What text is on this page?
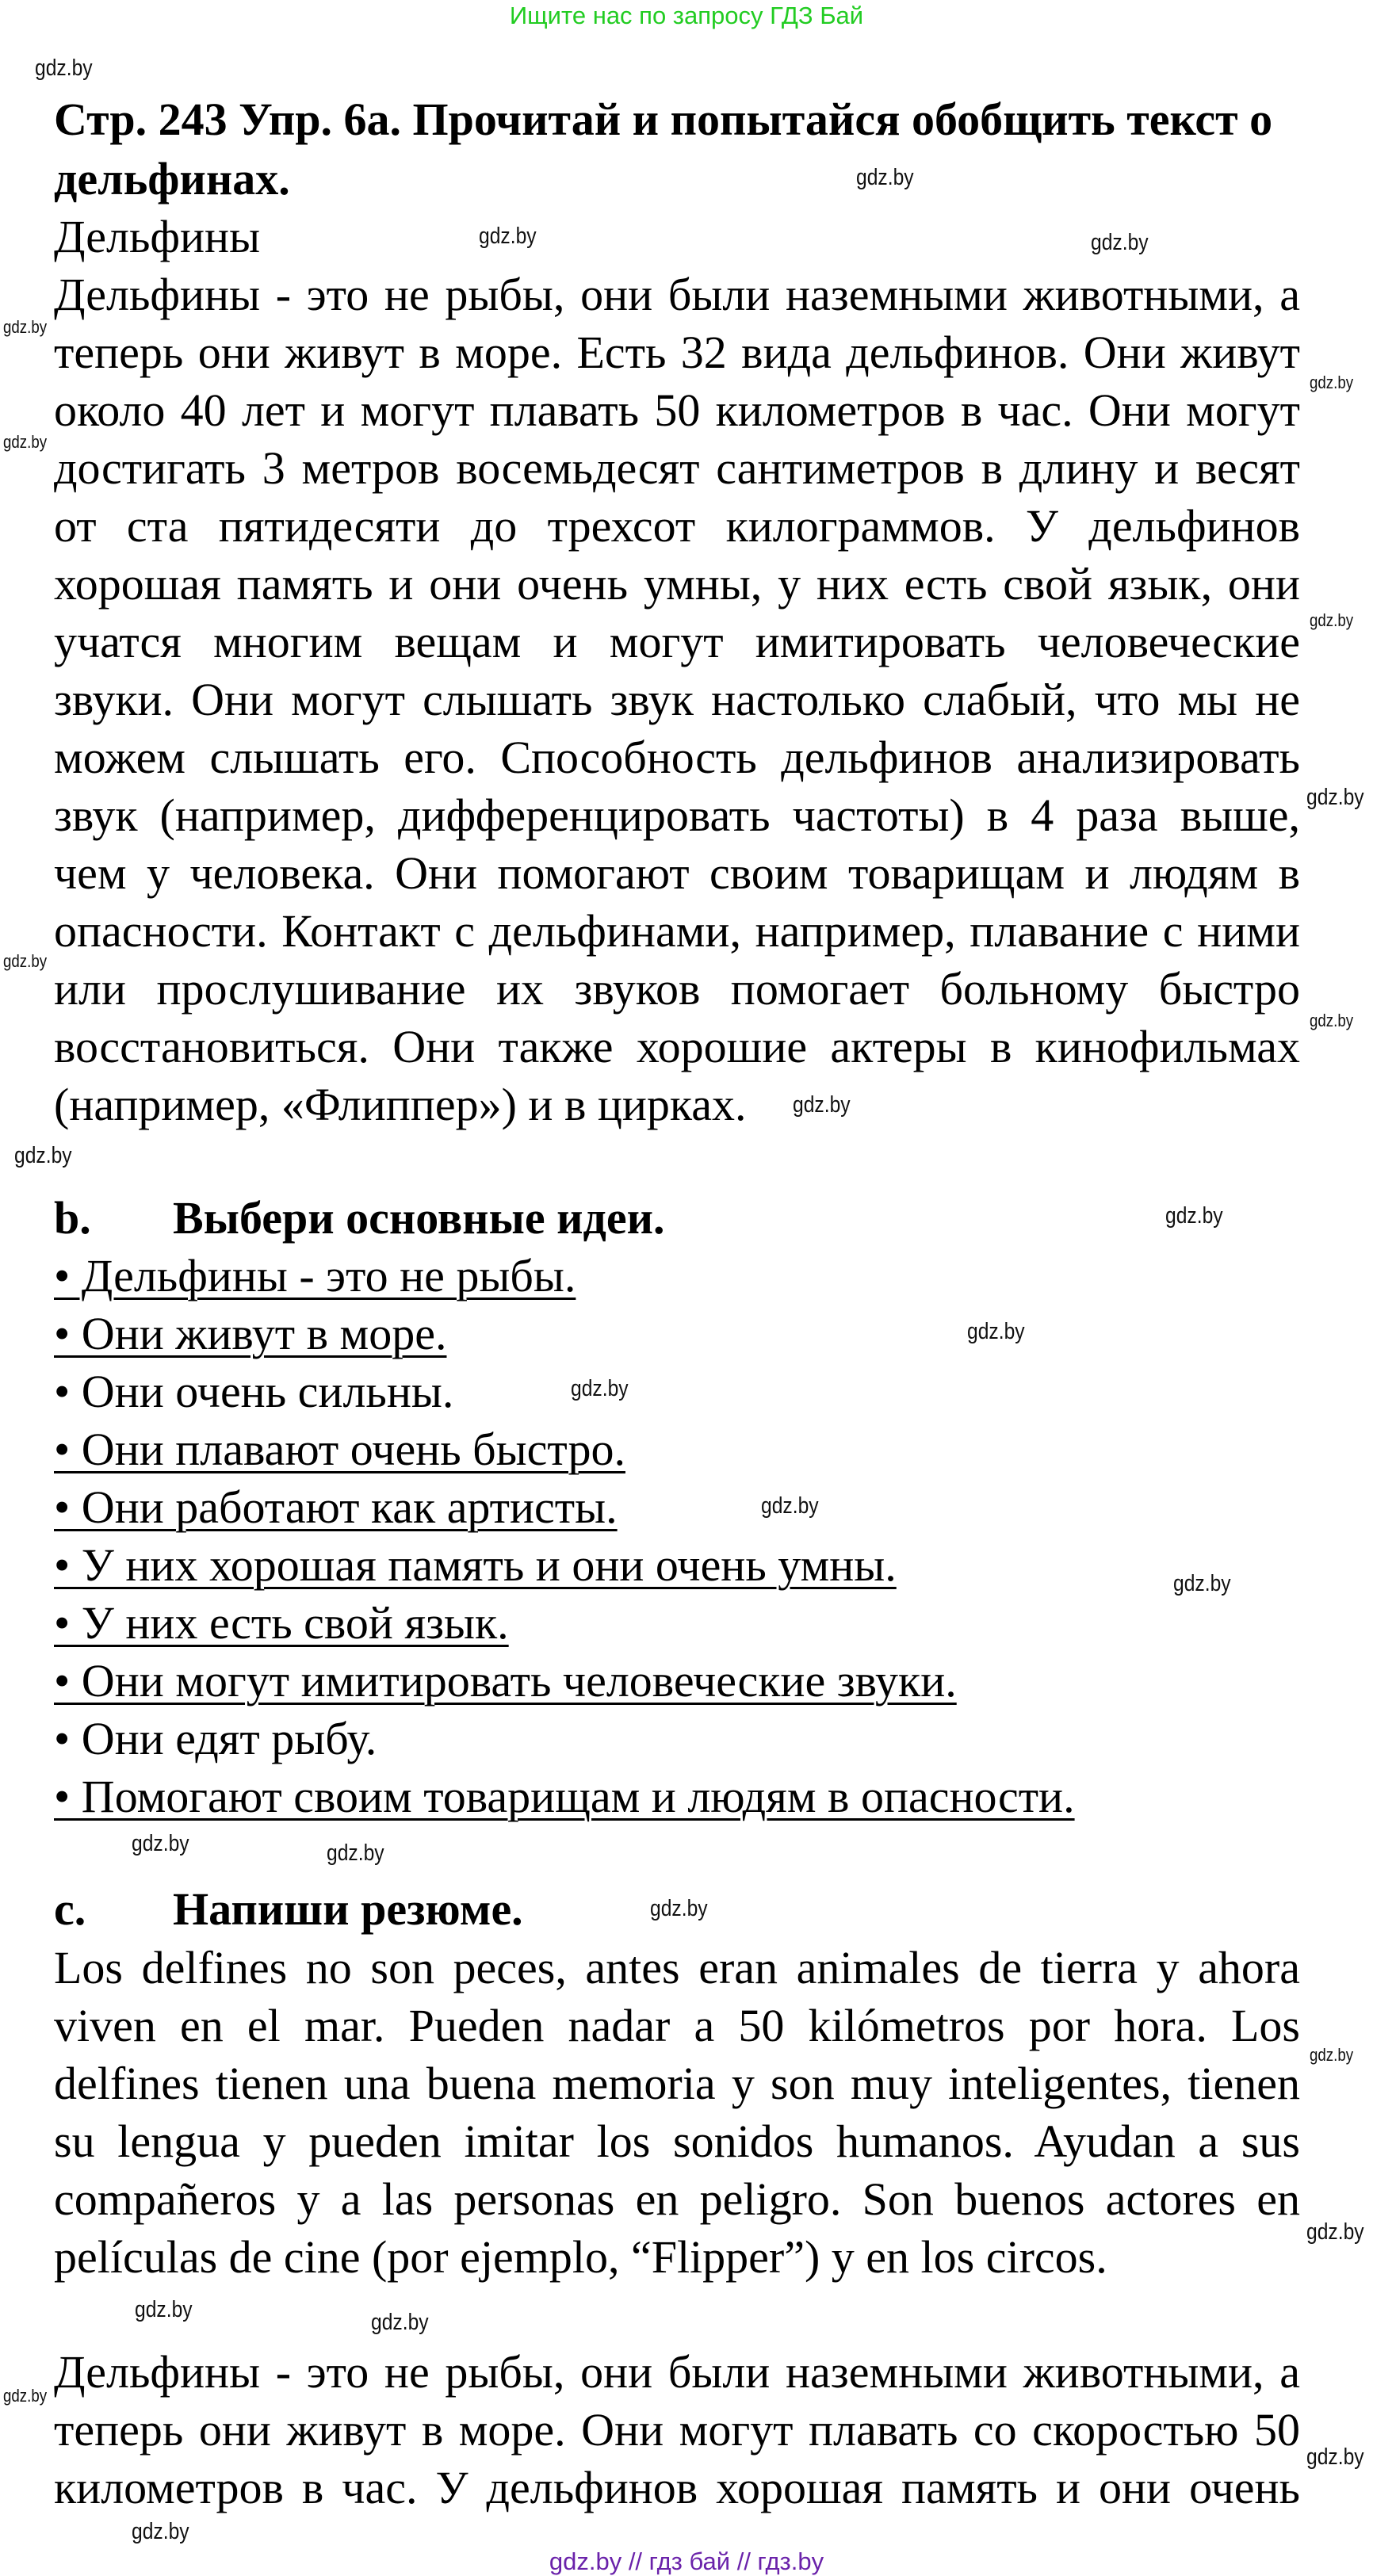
Ищите нас по запросу ГДЗ Бай
Стр. 243 Упр. 6а. Прочитай и попытайся обобщить текст о
дельфинах.
Дельфины
Дельфины - это не рыбы, они были наземными животными, а
теперь они живут в море. Есть 32 вида дельфинов. Они живут
около 40 лет и могут плавать 50 километров в час. Они могут
достигать 3 метров восемьдесят сантиметров в длину и весят
от ста пятидесяти до трехсот килограммов. У дельфинов
хорошая память и они очень умны, у них есть свой язык, они
учатся многим вещам и могут имитировать человеческие
звуки. Они могут слышать звук настолько слабый, что мы не
можем слышать его. Способность дельфинов анализировать
звук (например, дифференцировать частоты) в 4 раза выше,
чем у человека. Они помогают своим товарищам и людям в
опасности. Контакт с дельфинами, например, плавание с ними
или прослушивание их звуков помогает больному быстро
восстановиться. Они также хорошие актеры в кинофильмах
(например, «Флиппер») и в цирках.
b. Выбери основные идеи.
• Дельфины - это не рыбы.
• Они живут в море.
• Они очень сильны.
• Они плавают очень быстро.
• Они работают как артисты.
• У них хорошая память и они очень умны.
• У них есть свой язык.
• Они могут имитировать человеческие звуки.
• Они едят рыбу.
• Помогают своим товарищам и людям в опасности.
c. Напиши резюме.
Los delfines no son peces, antes eran animales de tierra y ahora
viven en el mar. Pueden nadar a 50 kilómetros por hora. Los
delfines tienen una buena memoria y son muy inteligentes, tienen
su lengua y pueden imitar los sonidos humanos. Ayudan a sus
compañeros y a las personas en peligro. Son buenos actores en
películas de cine (por ejemplo, “Flipper”) y en los circos.
Дельфины - это не рыбы, они были наземными животными, а
теперь они живут в море. Они могут плавать со скоростью 50
километров в час. У дельфинов хорошая память и они очень
gdz.by
gdz.by
gdz.by	gdz.by
gdz.by
gdz.by
gdz.by
gdz.by
gdz.by
gdz.by
gdz.by
gdz.by
gdz.by
gdz.by
gdz.by
gdz.by
gdz.by
gdz.by
gdz.by	gdz.by
gdz.by
gdz.by
gdz.by
gdz.by	gdz.by
gdz.by
gdz.by
gdz.by
gdz.by // гдз бай // гдз.by
